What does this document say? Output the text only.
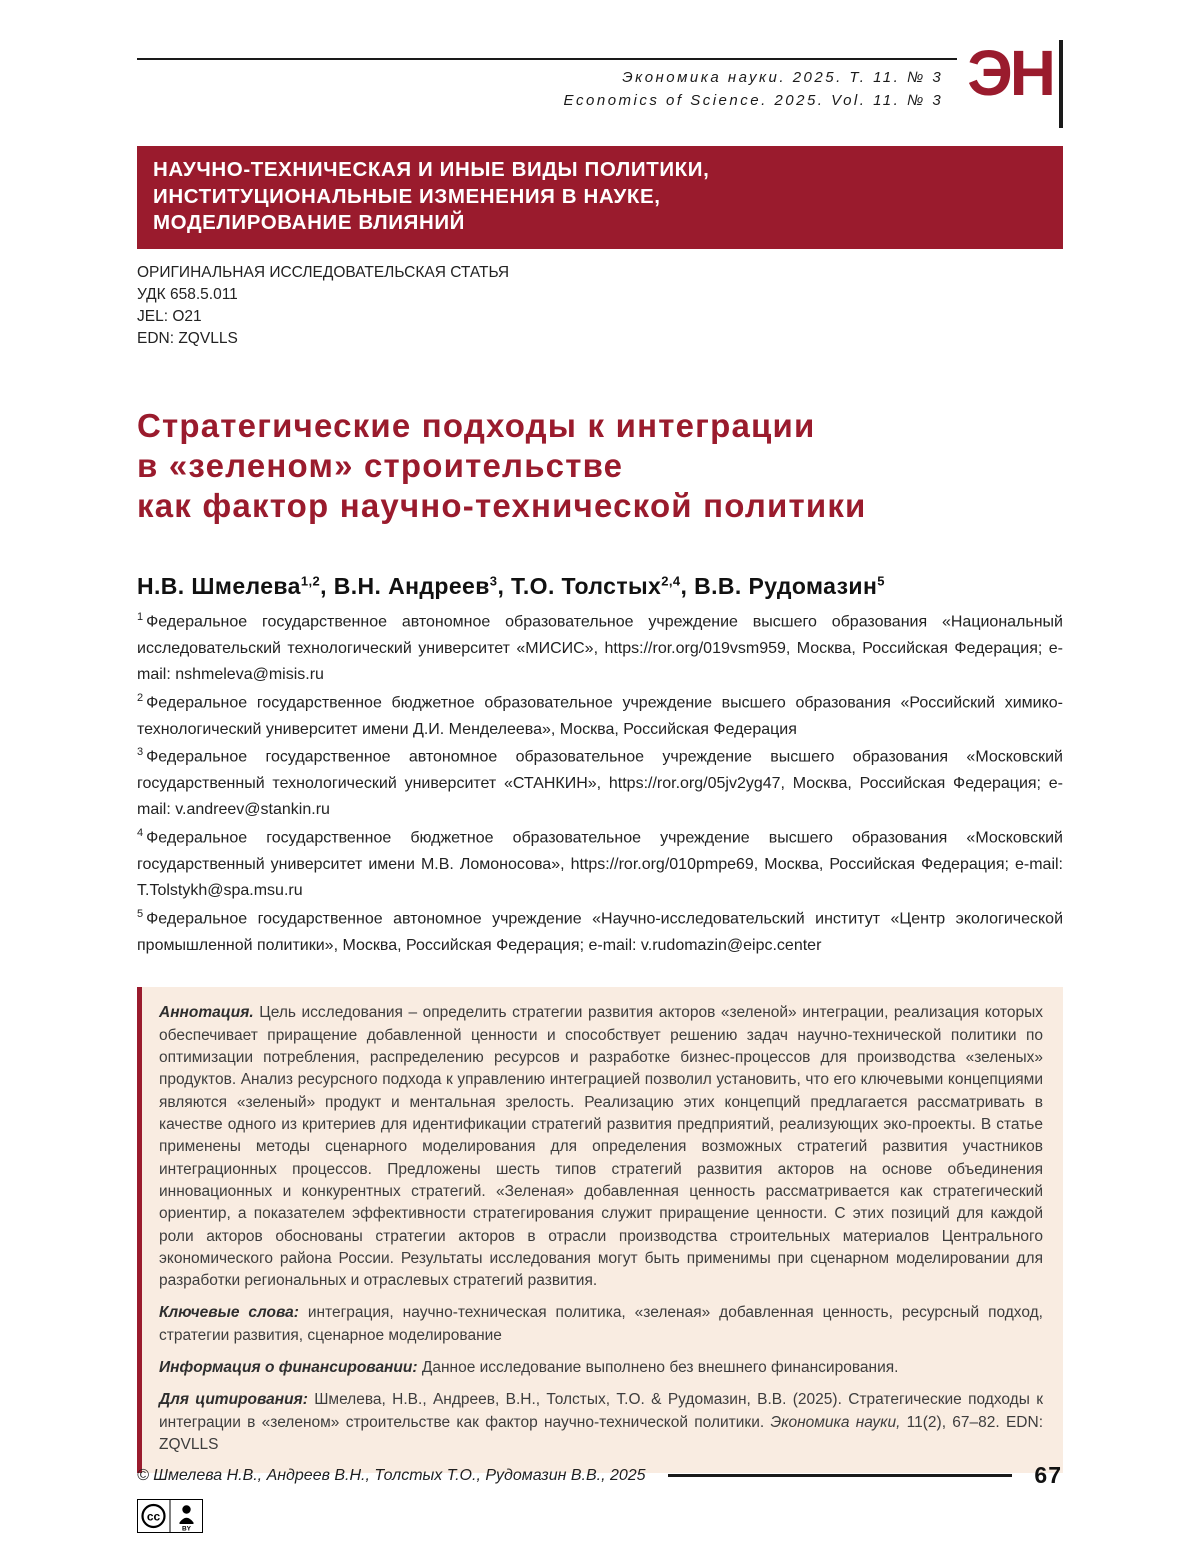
Экономика науки. 2025. Т. 11. № 3
Economics of Science. 2025. Vol. 11. № 3 ЭН
НАУЧНО-ТЕХНИЧЕСКАЯ И ИНЫЕ ВИДЫ ПОЛИТИКИ,
ИНСТИТУЦИОНАЛЬНЫЕ ИЗМЕНЕНИЯ В НАУКЕ,
МОДЕЛИРОВАНИЕ ВЛИЯНИЙ
ОРИГИНАЛЬНАЯ ИССЛЕДОВАТЕЛЬСКАЯ СТАТЬЯ
УДК 658.5.011
JEL: O21
EDN: ZQVLLS
Стратегические подходы к интеграции
в «зеленом» строительстве
как фактор научно-технической политики
Н.В. Шмелева$^{1,2}$, В.Н. Андреев$^3$, Т.О. Толстых$^{2,4}$, В.В. Рудомазин$^5$

$^1$ Федеральное государственное автономное образовательное учреждение высшего образования «Национальный исследовательский технологический университет «МИСИС», https://ror.org/019vsm959, Москва, Российская Федерация; e-mail: nshmeleva@misis.ru

$^2$ Федеральное государственное бюджетное образовательное учреждение высшего образования «Российский химико-технологический университет имени Д.И. Менделеева», Москва, Российская Федерация

$^3$ Федеральное государственное автономное образовательное учреждение высшего образования «Московский государственный технологический университет «СТАНКИН», https://ror.org/05jv2yg47, Москва, Российская Федерация; e-mail: v.andreev@stankin.ru

$^4$ Федеральное государственное бюджетное образовательное учреждение высшего образования «Московский государственный университет имени М.В. Ломоносова», https://ror.org/010pmpe69, Москва, Российская Федерация; e-mail: T.Tolstykh@spa.msu.ru

$^5$ Федеральное государственное автономное учреждение «Научно-исследовательский институт «Центр экологической промышленной политики», Москва, Российская Федерация; e-mail: v.rudomazin@eipc.center

Аннотация. Цель исследования – определить стратегии развития акторов «зеленой» интеграции, реализация которых обеспечивает приращение добавленной ценности и способствует решению задач научно-технической политики по оптимизации потребления, распределению ресурсов и разработке бизнес-процессов для производства «зеленых» продуктов. Анализ ресурсного подхода к управлению интеграцией позволил установить, что его ключевыми концепциями являются «зеленый» продукт и ментальная зрелость. Реализацию этих концепций предлагается рассматривать в качестве одного из критериев для идентификации стратегий развития предприятий, реализующих эко-проекты. В статье применены методы сценарного моделирования для определения возможных стратегий развития участников интеграционных процессов. Предложены шесть типов стратегий развития акторов на основе объединения инновационных и конкурентных стратегий. «Зеленая» добавленная ценность рассматривается как стратегический ориентир, а показателем эффективности стратегирования служит приращение ценности. С этих позиций для каждой роли акторов обоснованы стратегии акторов в отрасли производства строительных материалов Центрального экономического района России. Результаты исследования могут быть применимы при сценарном моделировании для разработки региональных и отраслевых стратегий развития.

Ключевые слова: интеграция, научно-техническая политика, «зеленая» добавленная ценность, ресурсный подход, стратегии развития, сценарное моделирование

Информация о финансировании: Данное исследование выполнено без внешнего финансирования.

Для цитирования: Шмелева, Н.В., Андреев, В.Н., Толстых, Т.О. & Рудомазин, В.В. (2025). Стратегические подходы к интеграции в «зеленом» строительстве как фактор научно-технической политики. Экономика науки, 11(2), 67–82. EDN: ZQVLLS

© Шмелева Н.В., Андреев В.Н., Толстых Т.О., Рудомазин В.В., 2025	67
cc
BY
